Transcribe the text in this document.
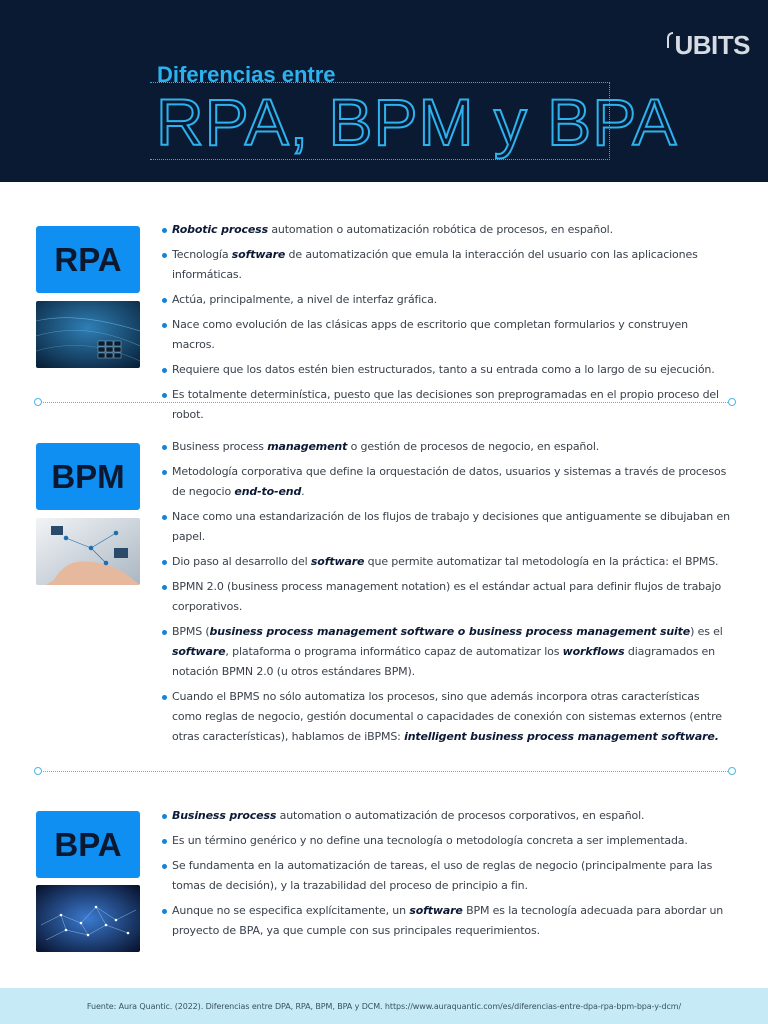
UBITS
Diferencias entre
RPA, BPM y BPA
RPA
Robotic process automation o automatización robótica de procesos, en español.
Tecnología software de automatización que emula la interacción del usuario con las aplicaciones informáticas.
Actúa, principalmente, a nivel de interfaz gráfica.
Nace como evolución de las clásicas apps de escritorio que completan formularios y construyen macros.
Requiere que los datos estén bien estructurados, tanto a su entrada como a lo largo de su ejecución.
Es totalmente determinística, puesto que las decisiones son preprogramadas en el propio proceso del robot.
BPM
Business process management o gestión de procesos de negocio, en español.
Metodología corporativa que define la orquestación de datos, usuarios y sistemas a través de procesos de negocio end-to-end.
Nace como una estandarización de los flujos de trabajo y decisiones que antiguamente se dibujaban en papel.
Dio paso al desarrollo del software que permite automatizar tal metodología en la práctica: el BPMS.
BPMN 2.0 (business process management notation) es el estándar actual para definir flujos de trabajo corporativos.
BPMS (business process management software o business process management suite) es el software, plataforma o programa informático capaz de automatizar los workflows diagramados en notación BPMN 2.0 (u otros estándares BPM).
Cuando el BPMS no sólo automatiza los procesos, sino que además incorpora otras características como reglas de negocio, gestión documental o capacidades de conexión con sistemas externos (entre otras características), hablamos de iBPMS: intelligent business process management software.
BPA
Business process automation o automatización de procesos corporativos, en español.
Es un término genérico y no define una tecnología o metodología concreta a ser implementada.
Se fundamenta en la automatización de tareas, el uso de reglas de negocio (principalmente para las tomas de decisión), y la trazabilidad del proceso de principio a fin.
Aunque no se especifica explícitamente, un software BPM es la tecnología adecuada para abordar un proyecto de BPA, ya que cumple con sus principales requerimientos.
Fuente: Aura Quantic. (2022). Diferencias entre DPA, RPA, BPM, BPA y DCM. https://www.auraquantic.com/es/diferencias-entre-dpa-rpa-bpm-bpa-y-dcm/
